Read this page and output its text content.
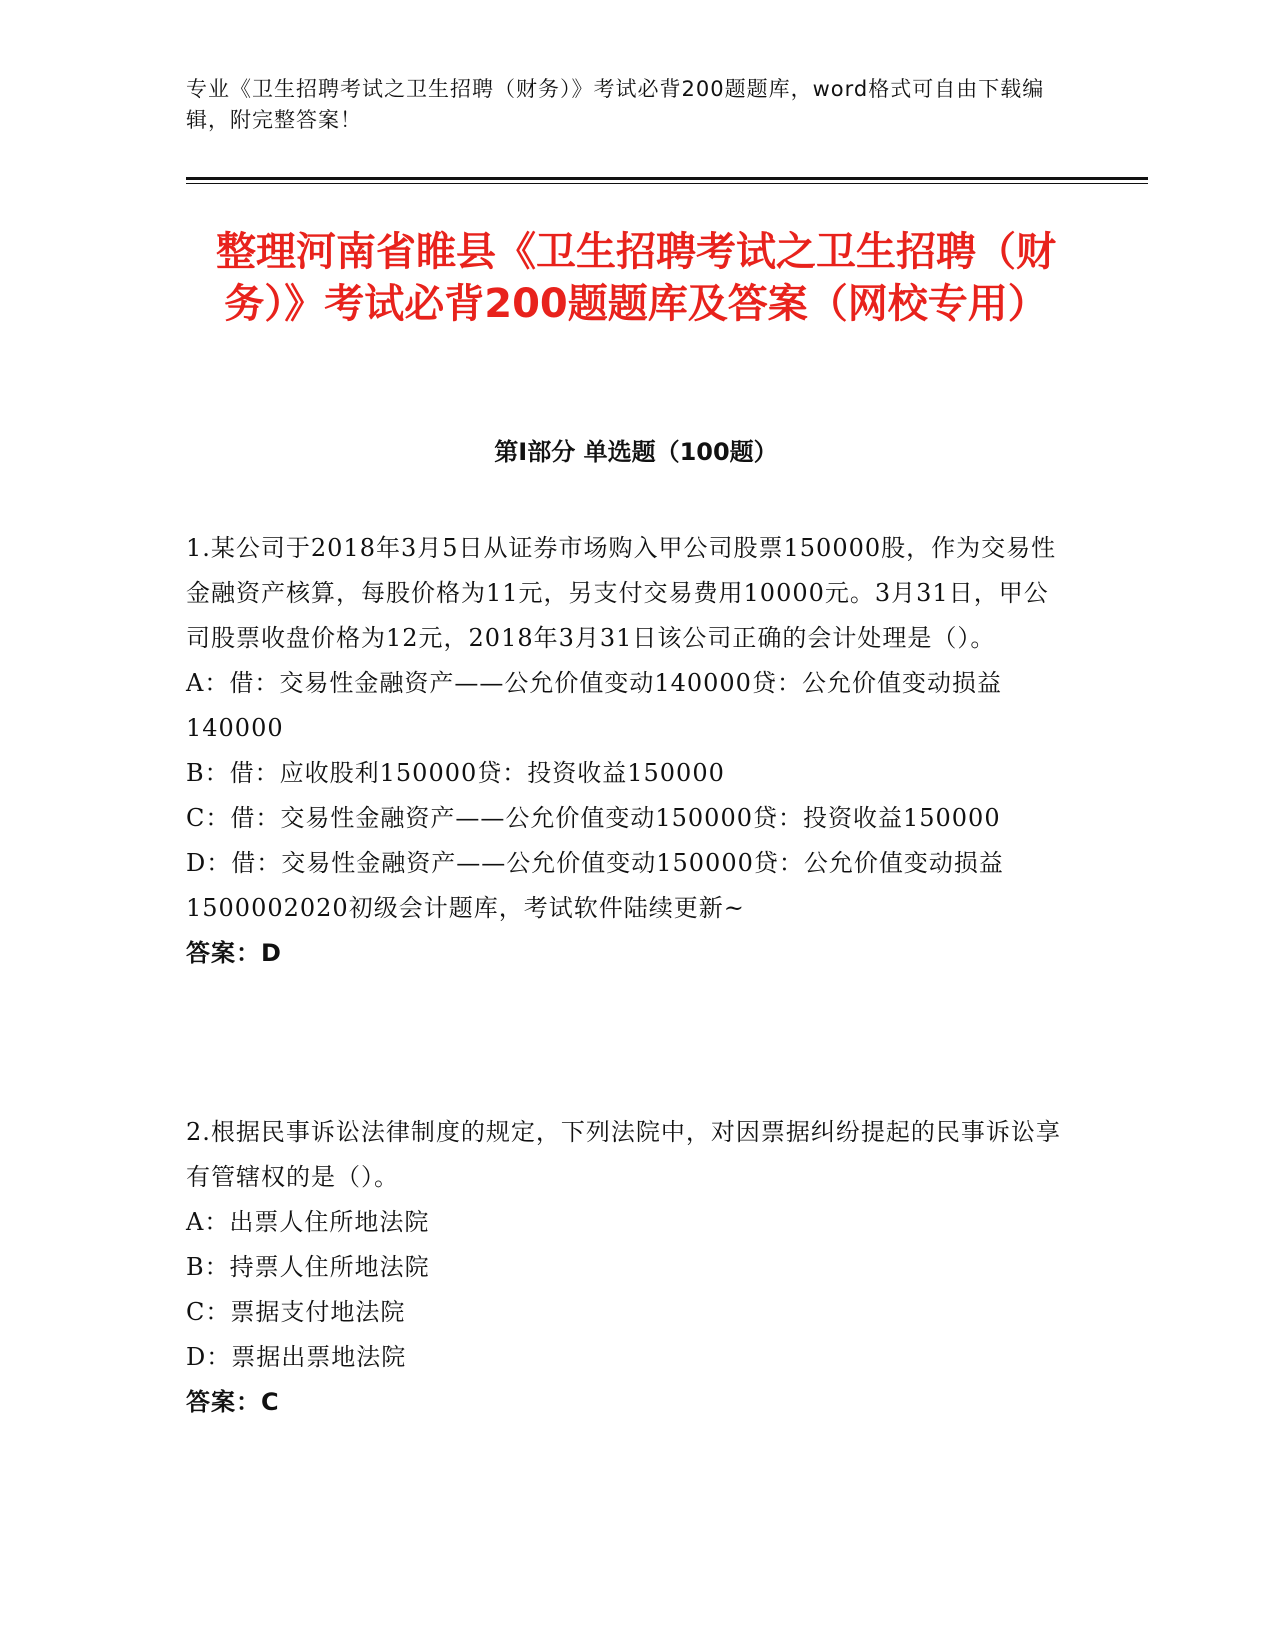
专业《卫生招聘考试之卫生招聘（财务）》考试必背200题题库，word格式可自由下载编辑，附完整答案！
整理河南省睢县《卫生招聘考试之卫生招聘（财务）》考试必背200题题库及答案（网校专用）
第I部分 单选题（100题）
1.某公司于2018年3月5日从证券市场购入甲公司股票150000股，作为交易性金融资产核算，每股价格为11元，另支付交易费用10000元。3月31日，甲公司股票收盘价格为12元，2018年3月31日该公司正确的会计处理是（）。
A：借：交易性金融资产——公允价值变动140000贷：公允价值变动损益140000
B：借：应收股利150000贷：投资收益150000
C：借：交易性金融资产——公允价值变动150000贷：投资收益150000
D：借：交易性金融资产——公允价值变动150000贷：公允价值变动损益1500002020初级会计题库，考试软件陆续更新~
答案：D
2.根据民事诉讼法律制度的规定，下列法院中，对因票据纠纷提起的民事诉讼享有管辖权的是（）。
A：出票人住所地法院
B：持票人住所地法院
C：票据支付地法院
D：票据出票地法院
答案：C
